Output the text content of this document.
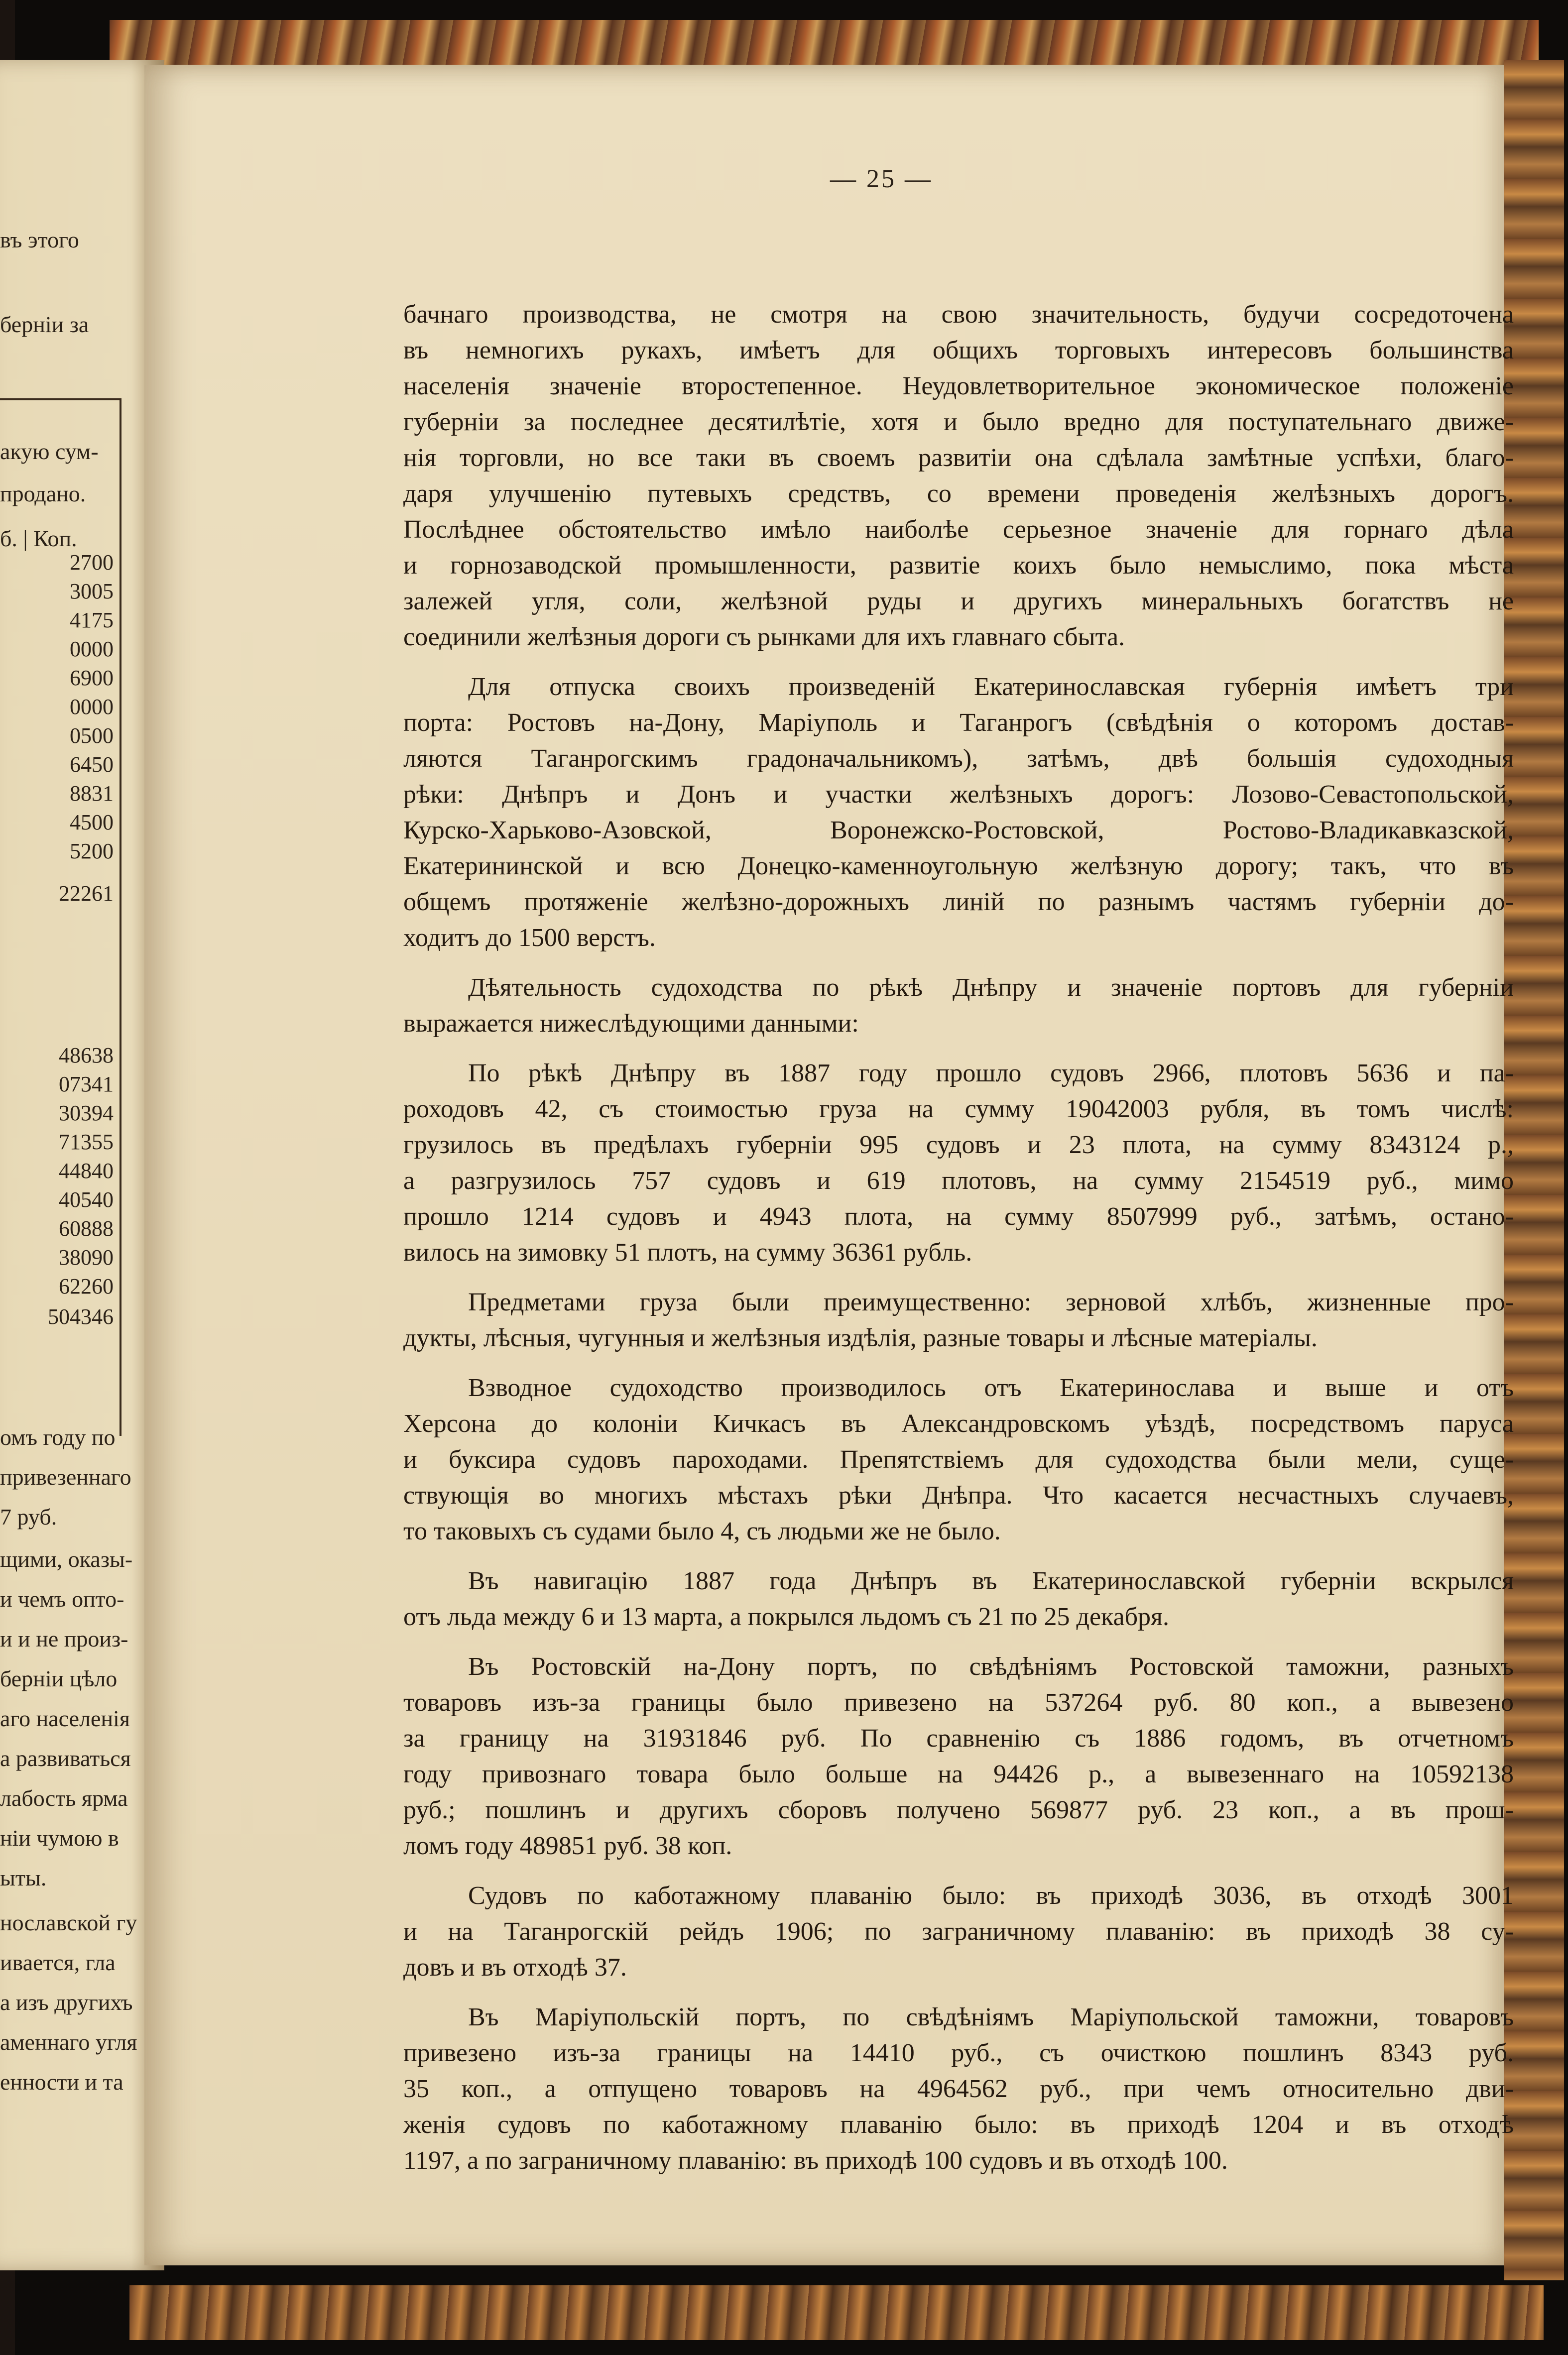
въ этого
берніи за
акую сум-
продано.
б. | Коп.
омъ году по
привезеннаго
7 руб.
щими, оказы-
и чемъ опто-
и и не произ-
берніи цѣло
аго населенія
а развиваться
лабость ярма
ніи чумою в
ыты.
нославской гу
ивается, гла
а изъ другихъ
аменнаго угля
енности и та
2700
3005
4175
0000
6900
0000
0500
6450
8831
4500
5200
22261
48638
07341
30394
71355
44840
40540
60888
38090
62260
504346
— 25 —
бачнаго производства, не смотря на свою значительность, будучи сосредоточена
въ немногихъ рукахъ, имѣетъ для общихъ торговыхъ интересовъ большинства
населенія значеніе второстепенное. Неудовлетворительное экономическое положеніе
губерніи за последнее десятилѣтіе, хотя и было вредно для поступательнаго движе-
нія торговли, но все таки въ своемъ развитіи она сдѣлала замѣтные успѣхи, благо-
даря улучшенію путевыхъ средствъ, со времени проведенія желѣзныхъ дорогъ.
Послѣднее обстоятельство имѣло наиболѣе серьезное значеніе для горнаго дѣла
и горнозаводской промышленности, развитіе коихъ было немыслимо, пока мѣста
залежей угля, соли, желѣзной руды и другихъ минеральныхъ богатствъ не
соединили желѣзныя дороги съ рынками для ихъ главнаго сбыта.
Для отпуска своихъ произведеній Екатеринославская губернія имѣетъ три
порта: Ростовъ на-Дону, Маріуполь и Таганрогъ (свѣдѣнія о которомъ достав-
ляются Таганрогскимъ градоначальникомъ), затѣмъ, двѣ большія судоходныя
рѣки: Днѣпръ и Донъ и участки желѣзныхъ дорогъ: Лозово-Севастопольской,
Курско-Харьково-Азовской, Воронежско-Ростовской, Ростово-Владикавказской,
Екатерининской и всю Донецко-каменноугольную желѣзную дорогу; такъ, что въ
общемъ протяженіе желѣзно-дорожныхъ линій по разнымъ частямъ губерніи до-
ходитъ до 1500 верстъ.
Дѣятельность судоходства по рѣкѣ Днѣпру и значеніе портовъ для губерніи
выражается нижеслѣдующими данными:
По рѣкѣ Днѣпру въ 1887 году прошло судовъ 2966, плотовъ 5636 и па-
роходовъ 42, съ стоимостью груза на сумму 19042003 рубля, въ томъ числѣ:
грузилось въ предѣлахъ губерніи 995 судовъ и 23 плота, на сумму 8343124 р.,
а разгрузилось 757 судовъ и 619 плотовъ, на сумму 2154519 руб., мимо
прошло 1214 судовъ и 4943 плота, на сумму 8507999 руб., затѣмъ, остано-
вилось на зимовку 51 плотъ, на сумму 36361 рубль.
Предметами груза были преимущественно: зерновой хлѣбъ, жизненные про-
дукты, лѣсныя, чугунныя и желѣзныя издѣлія, разные товары и лѣсные матеріалы.
Взводное судоходство производилось отъ Екатеринослава и выше и отъ
Херсона до колоніи Кичкасъ въ Александровскомъ уѣздѣ, посредствомъ паруса
и буксира судовъ пароходами. Препятствіемъ для судоходства были мели, суще-
ствующія во многихъ мѣстахъ рѣки Днѣпра. Что касается несчастныхъ случаевъ,
то таковыхъ съ судами было 4, съ людьми же не было.
Въ навигацію 1887 года Днѣпръ въ Екатеринославской губерніи вскрылся
отъ льда между 6 и 13 марта, а покрылся льдомъ съ 21 по 25 декабря.
Въ Ростовскій на-Дону портъ, по свѣдѣніямъ Ростовской таможни, разныхъ
товаровъ изъ-за границы было привезено на 537264 руб. 80 коп., а вывезено
за границу на 31931846 руб. По сравненію съ 1886 годомъ, въ отчетномъ
году привознаго товара было больше на 94426 р., а вывезеннаго на 10592138
руб.; пошлинъ и другихъ сборовъ получено 569877 руб. 23 коп., а въ прош-
ломъ году 489851 руб. 38 коп.
Судовъ по каботажному плаванію было: въ приходѣ 3036, въ отходѣ 3001
и на Таганрогскій рейдъ 1906; по заграничному плаванію: въ приходѣ 38 су-
довъ и въ отходѣ 37.
Въ Маріупольскій портъ, по свѣдѣніямъ Маріупольской таможни, товаровъ
привезено изъ-за границы на 14410 руб., съ очисткою пошлинъ 8343 руб.
35 коп., а отпущено товаровъ на 4964562 руб., при чемъ относительно дви-
женія судовъ по каботажному плаванію было: въ приходѣ 1204 и въ отходѣ
1197, а по заграничному плаванію: въ приходѣ 100 судовъ и въ отходѣ 100.
